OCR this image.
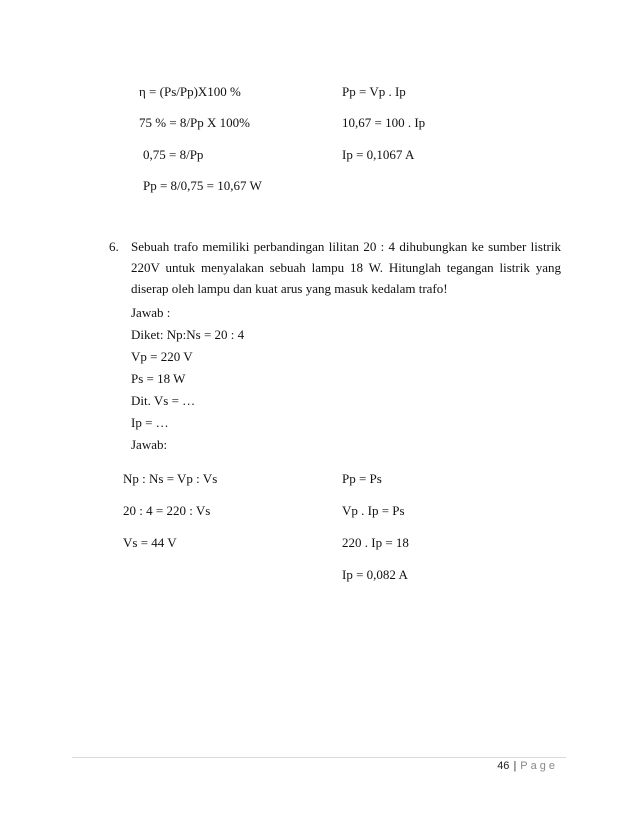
η = (Ps/Pp)X100 %
75 % = 8/Pp X 100%
0,75 = 8/Pp
Pp = 8/0,75 = 10,67 W
Pp = Vp . Ip
10,67 = 100 . Ip
Ip = 0,1067 A
6. Sebuah trafo memiliki perbandingan lilitan 20 : 4 dihubungkan ke sumber listrik 220V untuk menyalakan sebuah lampu 18 W. Hitunglah tegangan listrik yang diserap oleh lampu dan kuat arus yang masuk kedalam trafo!
Jawab :
Diket: Np:Ns = 20 : 4
Vp = 220 V
Ps = 18 W
Dit. Vs = …
Ip = …
Jawab:
Np : Ns = Vp : Vs
20 : 4 = 220 : Vs
Vs = 44 V
Pp = Ps
Vp . Ip = Ps
220 . Ip = 18
Ip = 0,082 A
46 | Page
